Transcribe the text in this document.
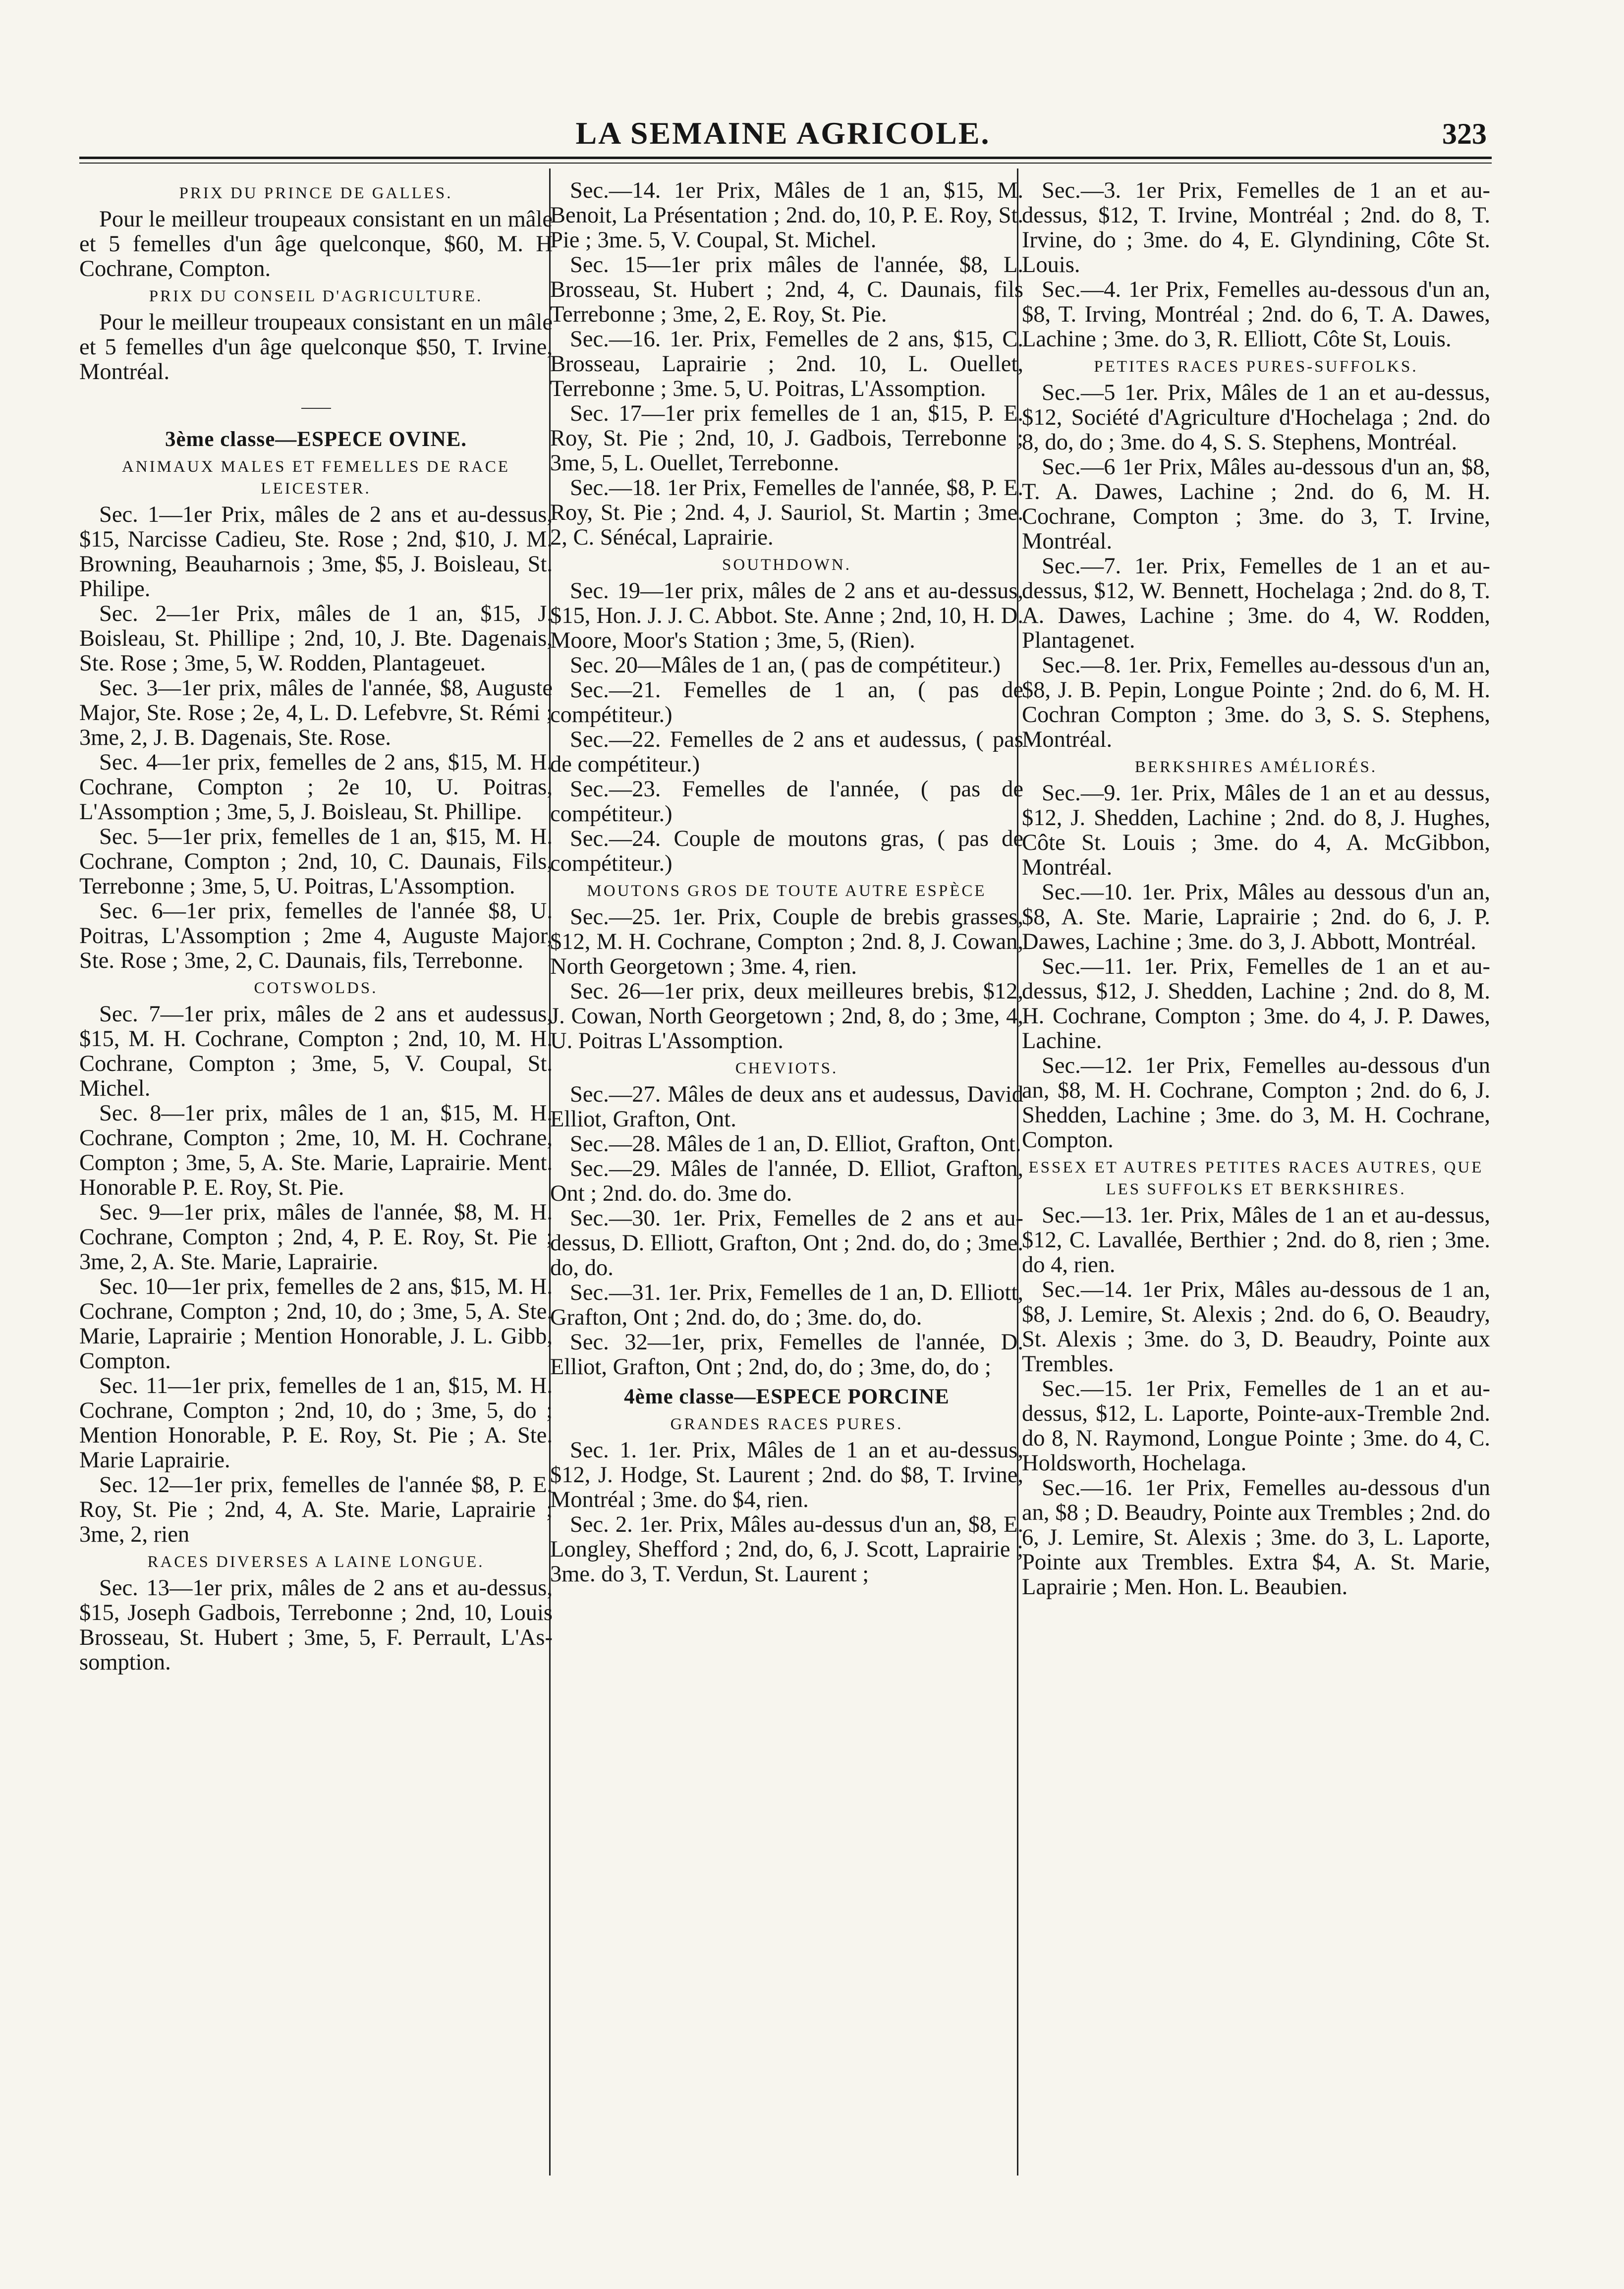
LA SEMAINE AGRICOLE.	323

PRIX DU PRINCE DE GALLES.

Pour le meilleur troupeaux consistant en un mâle et 5 femelles d'un âge quelconque, $60, M. H Cochrane, Compton.

PRIX DU CONSEIL D'AGRICULTURE.

Pour le meilleur troupeaux consistant en un mâle et 5 femelles d'un âge quelconque $50, T. Irvine, Montréal.

3ème classe—ESPECE OVINE.

ANIMAUX MALES ET FEMELLES DE RACE LEICESTER.

Sec. 1—1er Prix, mâles de 2 ans et au-dessus, $15, Narcisse Cadieu, Ste. Rose ; 2nd, $10, J. M. Browning, Beauharnois ; 3me, $5, J. Boisleau, St. Philipe.

Sec. 2—1er Prix, mâles de 1 an, $15, J. Boisleau, St. Phillipe ; 2nd, 10, J. Bte. Dagenais, Ste. Rose ; 3me, 5, W. Rodden, Plantageuet.

Sec. 3—1er prix, mâles de l'année, $8, Auguste Major, Ste. Rose ; 2e, 4, L. D. Lefebvre, St. Rémi ; 3me, 2, J. B. Dagenais, Ste. Rose.

Sec. 4—1er prix, femelles de 2 ans, $15, M. H. Cochrane, Compton ; 2e 10, U. Poitras, L'Assomption ; 3me, 5, J. Boisleau, St. Phillipe.

Sec. 5—1er prix, femelles de 1 an, $15, M. H. Cochrane, Compton ; 2nd, 10, C. Daunais, Fils, Terrebonne ; 3me, 5, U. Poitras, L'Assomption.

Sec. 6—1er prix, femelles de l'année $8, U. Poitras, L'Assomption ; 2me 4, Auguste Major, Ste. Rose ; 3me, 2, C. Daunais, fils, Terrebonne.

COTSWOLDS.

Sec. 7—1er prix, mâles de 2 ans et audessus, $15, M. H. Cochrane, Compton ; 2nd, 10, M. H. Cochrane, Compton ; 3me, 5, V. Coupal, St. Michel.

Sec. 8—1er prix, mâles de 1 an, $15, M. H. Cochrane, Compton ; 2me, 10, M. H. Cochrane, Compton ; 3me, 5, A. Ste. Marie, Laprairie. Ment. Honorable P. E. Roy, St. Pie.

Sec. 9—1er prix, mâles de l'année, $8, M. H. Cochrane, Compton ; 2nd, 4, P. E. Roy, St. Pie ; 3me, 2, A. Ste. Marie, Laprairie.

Sec. 10—1er prix, femelles de 2 ans, $15, M. H. Cochrane, Compton ; 2nd, 10, do ; 3me, 5, A. Ste. Marie, Laprairie ; Mention Honorable, J. L. Gibb, Compton.

Sec. 11—1er prix, femelles de 1 an, $15, M. H. Cochrane, Compton ; 2nd, 10, do ; 3me, 5, do ; Mention Honorable, P. E. Roy, St. Pie ; A. Ste. Marie Laprairie.

Sec. 12—1er prix, femelles de l'année $8, P. E. Roy, St. Pie ; 2nd, 4, A. Ste. Marie, Laprairie ; 3me, 2, rien

RACES DIVERSES A LAINE LONGUE.

Sec. 13—1er prix, mâles de 2 ans et au-dessus, $15, Joseph Gadbois, Terrebonne ; 2nd, 10, Louis Brosseau, St. Hubert ; 3me, 5, F. Perrault, L'Assomption.

Sec.—14. 1er Prix, Mâles de 1 an, $15, M. Benoit, La Présentation ; 2nd. do, 10, P. E. Roy, St. Pie ; 3me. 5, V. Coupal, St. Michel.

Sec. 15—1er prix mâles de l'année, $8, L. Brosseau, St. Hubert ; 2nd, 4, C. Daunais, fils Terrebonne ; 3me, 2, E. Roy, St. Pie.

Sec.—16. 1er. Prix, Femelles de 2 ans, $15, C. Brosseau, Laprairie ; 2nd. 10, L. Ouellet, Terrebonne ; 3me. 5, U. Poitras, L'Assomption.

Sec. 17—1er prix femelles de 1 an, $15, P. E. Roy, St. Pie ; 2nd, 10, J. Gadbois, Terrebonne ; 3me, 5, L. Ouellet, Terrebonne.

Sec.—18. 1er Prix, Femelles de l'année, $8, P. E. Roy, St. Pie ; 2nd. 4, J. Sauriol, St. Martin ; 3me. 2, C. Sénécal, Laprairie.

SOUTHDOWN.

Sec. 19—1er prix, mâles de 2 ans et au-dessus, $15, Hon. J. J. C. Abbot. Ste. Anne ; 2nd, 10, H. D. Moore, Moor's Station ; 3me, 5, (Rien).

Sec. 20—Mâles de 1 an, ( pas de compétiteur.)

Sec.—21. Femelles de 1 an, ( pas de compétiteur.)

Sec.—22. Femelles de 2 ans et audessus, ( pas de compétiteur.)

Sec.—23. Femelles de l'année, ( pas de compétiteur.)

Sec.—24. Couple de moutons gras, ( pas de compétiteur.)

MOUTONS GROS DE TOUTE AUTRE ESPÈCE

Sec.—25. 1er. Prix, Couple de brebis grasses, $12, M. H. Cochrane, Compton ; 2nd. 8, J. Cowan, North Georgetown ; 3me. 4, rien.

Sec. 26—1er prix, deux meilleures brebis, $12, J. Cowan, North Georgetown ; 2nd, 8, do ; 3me, 4, U. Poitras L'Assomption.

CHEVIOTS.

Sec.—27. Mâles de deux ans et audessus, David Elliot, Grafton, Ont.

Sec.—28. Mâles de 1 an, D. Elliot, Grafton, Ont.

Sec.—29. Mâles de l'année, D. Elliot, Grafton, Ont ; 2nd. do. do. 3me do.

Sec.—30. 1er. Prix, Femelles de 2 ans et au-dessus, D. Elliott, Grafton, Ont ; 2nd. do, do ; 3me. do, do.

Sec.—31. 1er. Prix, Femelles de 1 an, D. Elliott, Grafton, Ont ; 2nd. do, do ; 3me. do, do.

Sec. 32—1er, prix, Femelles de l'année, D. Elliot, Grafton, Ont ; 2nd, do, do ; 3me, do, do ;

4ème classe—ESPECE PORCINE

GRANDES RACES PURES.

Sec. 1. 1er. Prix, Mâles de 1 an et au-dessus, $12, J. Hodge, St. Laurent ; 2nd. do $8, T. Irvine, Montréal ; 3me. do $4, rien.

Sec. 2. 1er. Prix, Mâles au-dessus d'un an, $8, E. Longley, Shefford ; 2nd, do, 6, J. Scott, Laprairie ; 3me. do 3, T. Verdun, St. Laurent ;

Sec.—3. 1er Prix, Femelles de 1 an et au-dessus, $12, T. Irvine, Montréal ; 2nd. do 8, T. Irvine, do ; 3me. do 4, E. Glyndining, Côte St. Louis.

Sec.—4. 1er Prix, Femelles au-dessous d'un an, $8, T. Irving, Montréal ; 2nd. do 6, T. A. Dawes, Lachine ; 3me. do 3, R. Elliott, Côte St, Louis.

PETITES RACES PURES-SUFFOLKS.

Sec.—5 1er. Prix, Mâles de 1 an et au-dessus, $12, Société d'Agriculture d'Hochelaga ; 2nd. do 8, do, do ; 3me. do 4, S. S. Stephens, Montréal.

Sec.—6 1er Prix, Mâles au-dessous d'un an, $8, T. A. Dawes, Lachine ; 2nd. do 6, M. H. Cochrane, Compton ; 3me. do 3, T. Irvine, Montréal.

Sec.—7. 1er. Prix, Femelles de 1 an et au-dessus, $12, W. Bennett, Hochelaga ; 2nd. do 8, T. A. Dawes, Lachine ; 3me. do 4, W. Rodden, Plantagenet.

Sec.—8. 1er. Prix, Femelles au-dessous d'un an, $8, J. B. Pepin, Longue Pointe ; 2nd. do 6, M. H. Cochran Compton ; 3me. do 3, S. S. Stephens, Montréal.

BERKSHIRES AMÉLIORÉS.

Sec.—9. 1er. Prix, Mâles de 1 an et au dessus, $12, J. Shedden, Lachine ; 2nd. do 8, J. Hughes, Côte St. Louis ; 3me. do 4, A. McGibbon, Montréal.

Sec.—10. 1er. Prix, Mâles au dessous d'un an, $8, A. Ste. Marie, Laprairie ; 2nd. do 6, J. P. Dawes, Lachine ; 3me. do 3, J. Abbott, Montréal.

Sec.—11. 1er. Prix, Femelles de 1 an et au-dessus, $12, J. Shedden, Lachine ; 2nd. do 8, M. H. Cochrane, Compton ; 3me. do 4, J. P. Dawes, Lachine.

Sec.—12. 1er Prix, Femelles au-dessous d'un an, $8, M. H. Cochrane, Compton ; 2nd. do 6, J. Shedden, Lachine ; 3me. do 3, M. H. Cochrane, Compton.

ESSEX ET AUTRES PETITES RACES AUTRES, QUE LES SUFFOLKS ET BERKSHIRES.

Sec.—13. 1er. Prix, Mâles de 1 an et au-dessus, $12, C. Lavallée, Berthier ; 2nd. do 8, rien ; 3me. do 4, rien.

Sec.—14. 1er Prix, Mâles au-dessous de 1 an, $8, J. Lemire, St. Alexis ; 2nd. do 6, O. Beaudry, St. Alexis ; 3me. do 3, D. Beaudry, Pointe aux Trembles.

Sec.—15. 1er Prix, Femelles de 1 an et au-dessus, $12, L. Laporte, Pointe-aux-Tremble 2nd. do 8, N. Raymond, Longue Pointe ; 3me. do 4, C. Holdsworth, Hochelaga.

Sec.—16. 1er Prix, Femelles au-dessous d'un an, $8 ; D. Beaudry, Pointe aux Trembles ; 2nd. do 6, J. Lemire, St. Alexis ; 3me. do 3, L. Laporte, Pointe aux Trembles. Extra $4, A. St. Marie, Laprairie ; Men. Hon. L. Beaubien.
